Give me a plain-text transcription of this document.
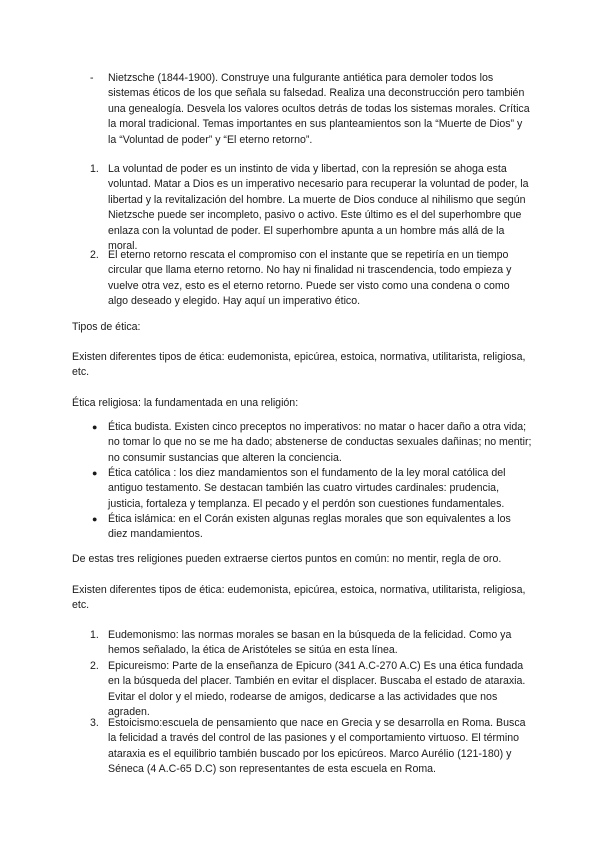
- Nietzsche (1844-1900). Construye una fulgurante antiética para demoler todos los sistemas éticos de los que señala su falsedad. Realiza una deconstrucción pero también una genealogía. Desvela los valores ocultos detrás de todas los sistemas morales. Crítica la moral tradicional. Temas importantes en sus planteamientos son la “Muerte de Dios” y la “Voluntad de poder” y “El eterno retorno”.

1. La voluntad de poder es un instinto de vida y libertad, con la represión se ahoga esta voluntad. Matar a Dios es un imperativo necesario para recuperar la voluntad de poder, la libertad y la revitalización del hombre. La muerte de Dios conduce al nihilismo que según Nietzsche puede ser incompleto, pasivo o activo. Este último es el del superhombre que enlaza con la voluntad de poder. El superhombre apunta a un hombre más allá de la moral.

2. El eterno retorno rescata el compromiso con el instante que se repetiría en un tiempo circular que llama eterno retorno. No hay ni finalidad ni trascendencia, todo empieza y vuelve otra vez, esto es el eterno retorno. Puede ser visto como una condena o como algo deseado y elegido. Hay aquí un imperativo ético.

Tipos de ética:

Existen diferentes tipos de ética: eudemonista, epicúrea, estoica, normativa, utilitarista, religiosa, etc.

Ética religiosa: la fundamentada en una religión:

● Ética budista. Existen cinco preceptos no imperativos: no matar o hacer daño a otra vida; no tomar lo que no se me ha dado; abstenerse de conductas sexuales dañinas; no mentir; no consumir sustancias que alteren la conciencia.

● Ética católica : los diez mandamientos son el fundamento de la ley moral católica del antiguo testamento. Se destacan también las cuatro virtudes cardinales: prudencia, justicia, fortaleza y templanza. El pecado y el perdón son cuestiones fundamentales.

● Ética islámica: en el Corán existen algunas reglas morales que son equivalentes a los diez mandamientos.

De estas tres religiones pueden extraerse ciertos puntos en común: no mentir, regla de oro.

Existen diferentes tipos de ética: eudemonista, epicúrea, estoica, normativa, utilitarista, religiosa, etc.

1. Eudemonismo: las normas morales se basan en la búsqueda de la felicidad. Como ya hemos señalado, la ética de Aristóteles se sitúa en esta línea.

2. Epicureismo: Parte de la enseñanza de Epicuro (341 A.C-270 A.C) Es una ética fundada en la búsqueda del placer. También en evitar el displacer. Buscaba el estado de ataraxia. Evitar el dolor y el miedo, rodearse de amigos, dedicarse a las actividades que nos agraden.

3. Estoicismo:escuela de pensamiento que nace en Grecia y se desarrolla en Roma. Busca la felicidad a través del control de las pasiones y el comportamiento virtuoso. El término ataraxia es el equilibrio también buscado por los epicúreos. Marco Aurélio (121-180) y Séneca (4 A.C-65 D.C) son representantes de esta escuela en Roma.
